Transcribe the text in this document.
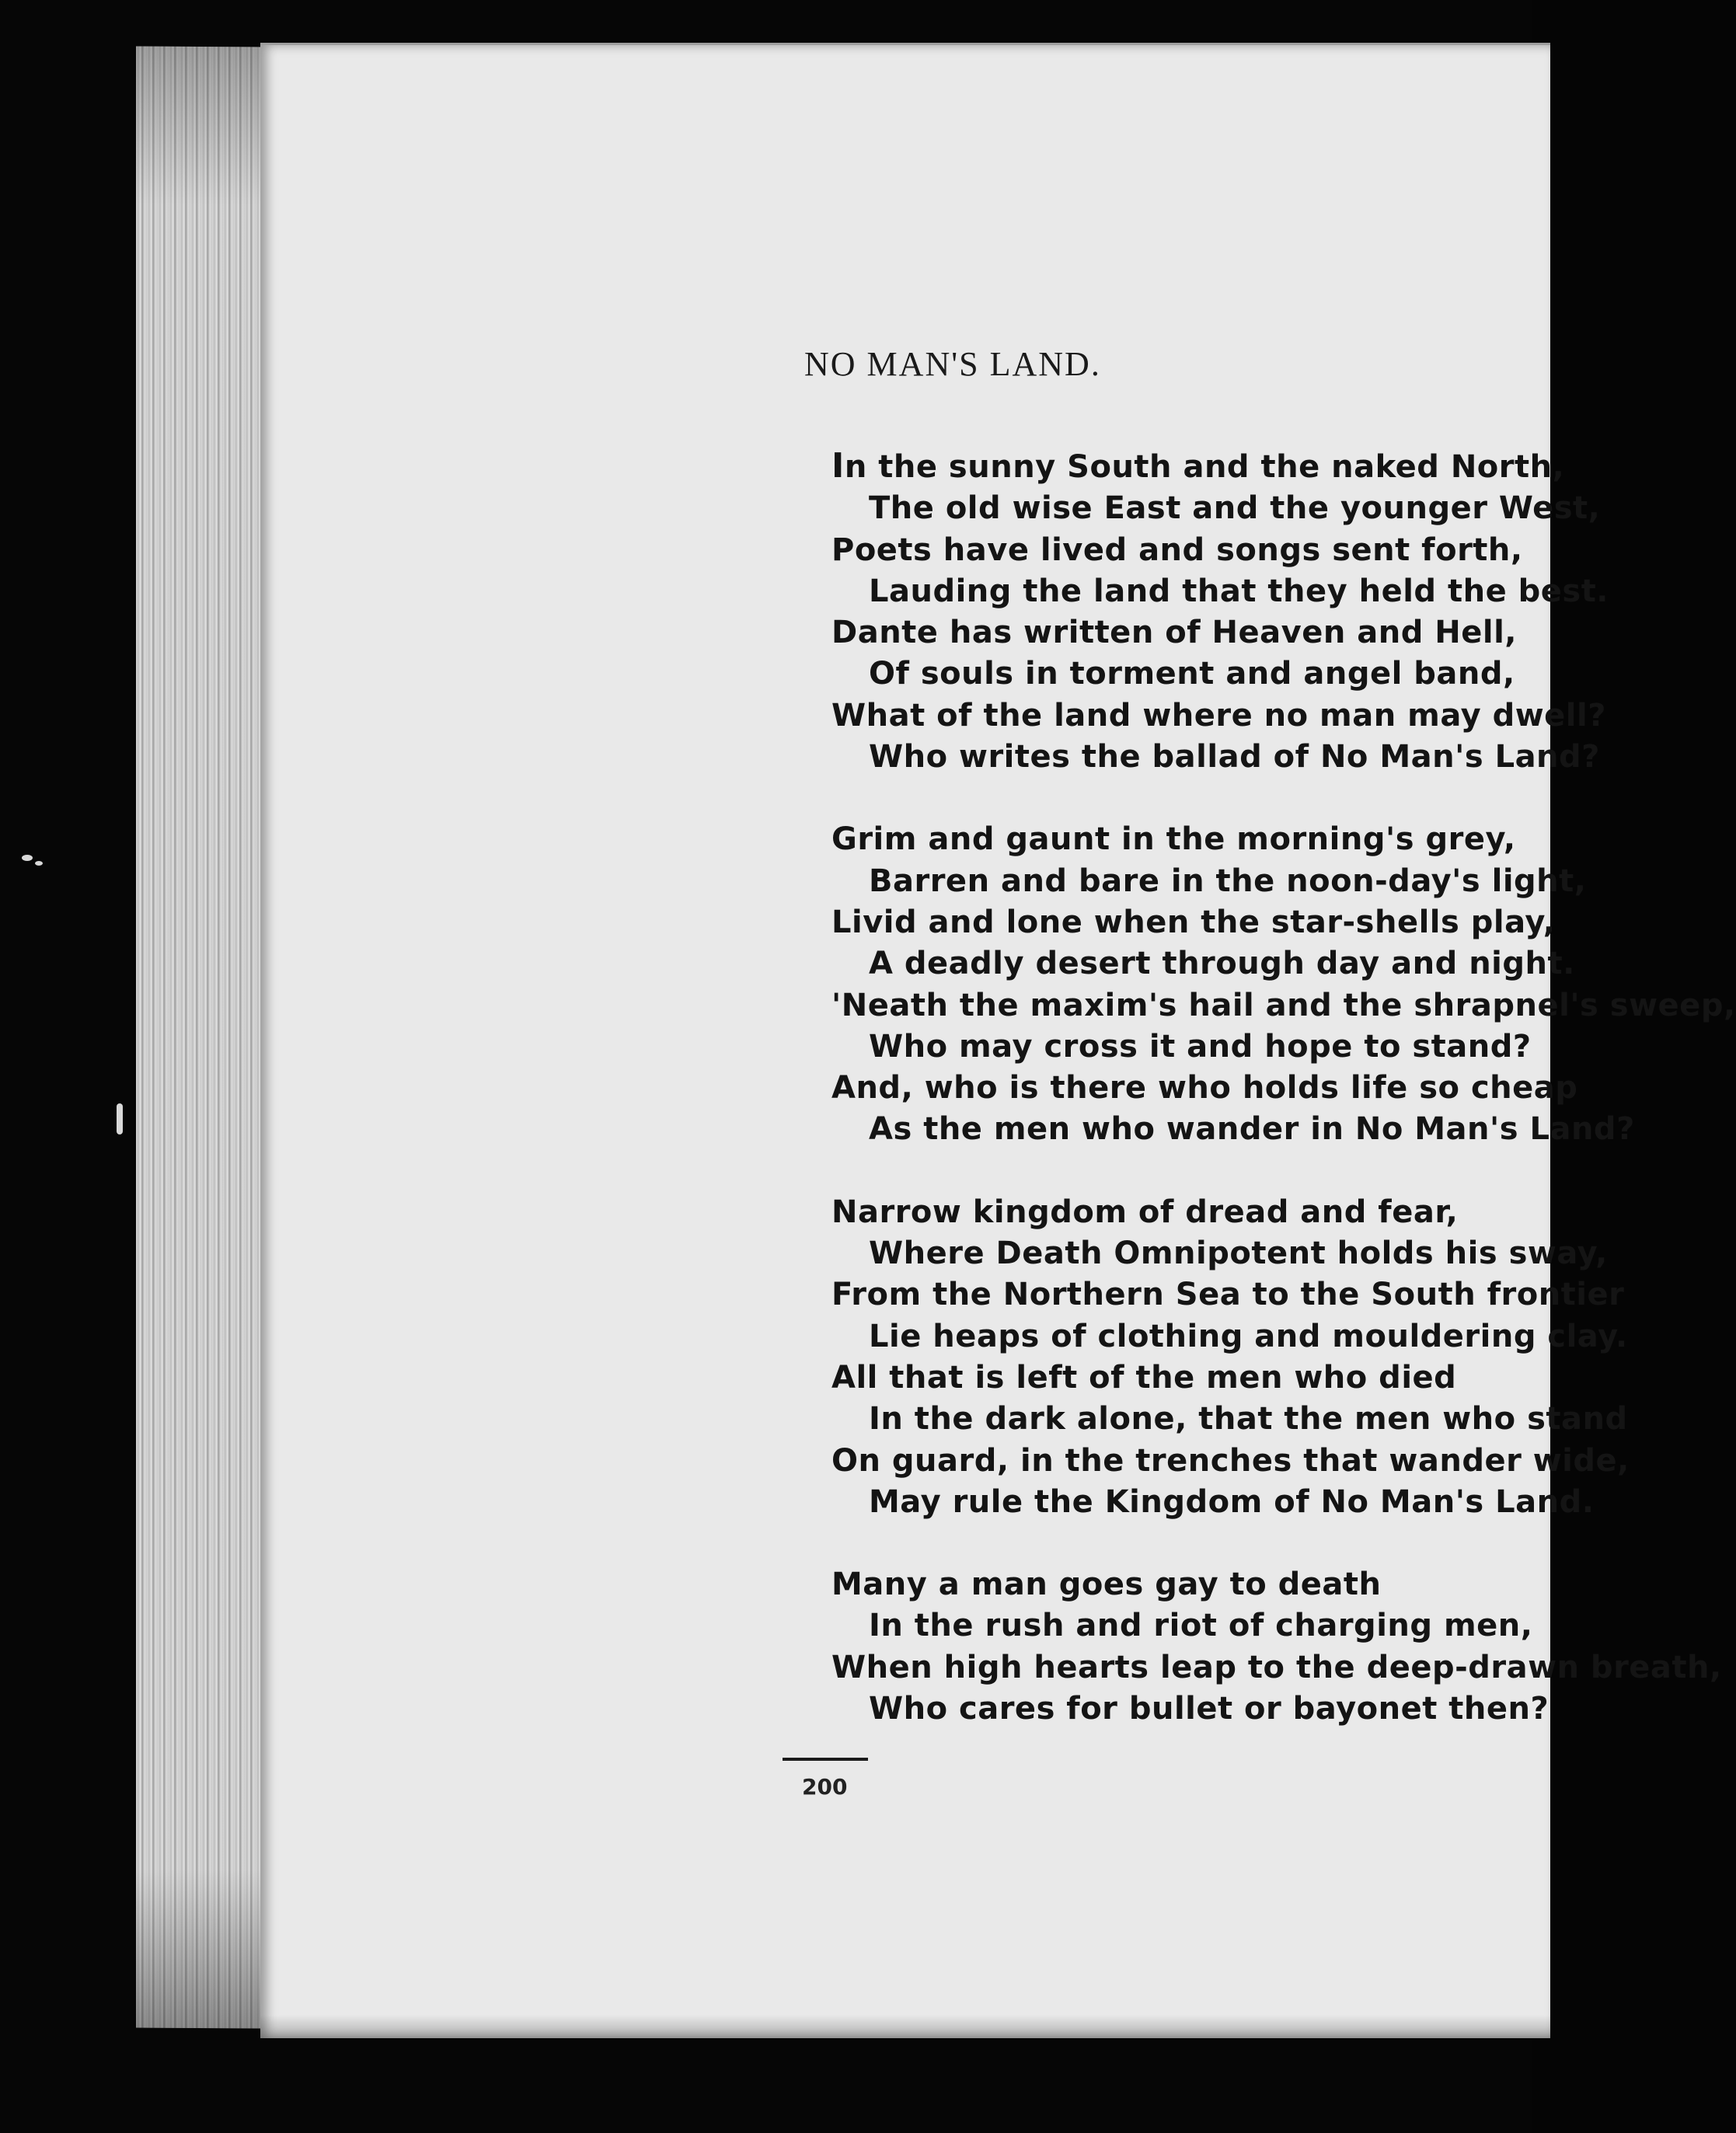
NO MAN'S LAND.
In the sunny South and the naked North,
The old wise East and the younger West,
Poets have lived and songs sent forth,
Lauding the land that they held the best.
Dante has written of Heaven and Hell,
Of souls in torment and angel band,
What of the land where no man may dwell?
Who writes the ballad of No Man's Land?
Grim and gaunt in the morning's grey,
Barren and bare in the noon-day's light,
Livid and lone when the star-shells play,
A deadly desert through day and night.
'Neath the maxim's hail and the shrapnel's sweep,
Who may cross it and hope to stand?
And, who is there who holds life so cheap
As the men who wander in No Man's Land?
Narrow kingdom of dread and fear,
Where Death Omnipotent holds his sway,
From the Northern Sea to the South frontier
Lie heaps of clothing and mouldering clay.
All that is left of the men who died
In the dark alone, that the men who stand
On guard, in the trenches that wander wide,
May rule the Kingdom of No Man's Land.
Many a man goes gay to death
In the rush and riot of charging men,
When high hearts leap to the deep-drawn breath,
Who cares for bullet or bayonet then?
200
